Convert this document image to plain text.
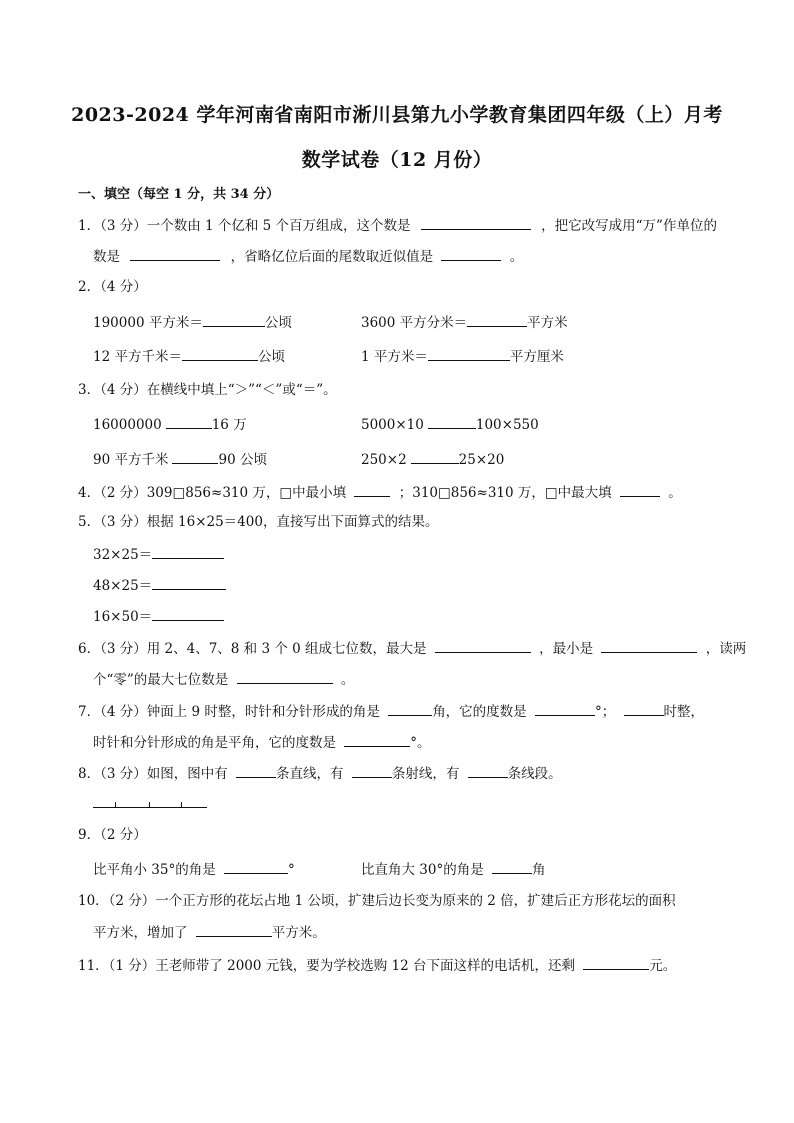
2023-2024 学年河南省南阳市淅川县第九小学教育集团四年级（上）月考
数学试卷（12 月份）
一、填空（每空 1 分，共 34 分）
1．（3 分）一个数由 1 个亿和 5 个百万组成，这个数是	，把它改写成用“万”作单位的
数是	，省略亿位后面的尾数取近似值是	。
2．（4 分）
190000 平方米＝	公顷	3600 平方分米＝	平方米
12 平方千米＝	公顷	1 平方米＝	平方厘米
3．（4 分）在横线中填上“＞”“＜”或“＝”。
16000000	16 万	5000×10	100×550
90 平方千米	90 公顷	250×2	25×20
4．（2 分）309□856≈310 万，□中最小填	；310□856≈310 万，□中最大填	。
5．（3 分）根据 16×25＝400，直接写出下面算式的结果。
32×25＝
48×25＝
16×50＝
6．（3 分）用 2、4、7、8 和 3 个 0 组成七位数，最大是	，最小是	，读两
个“零”的最大七位数是	。
7．（4 分）钟面上 9 时整，时针和分针形成的角是	角，它的度数是	°；	时整，
时针和分针形成的角是平角，它的度数是	°。
8．（3 分）如图，图中有	条直线，有	条射线，有	条线段。
9．（2 分）
比平角小 35°的角是	°	比直角大 30°的角是	角
10．（2 分）一个正方形的花坛占地 1 公顷，扩建后边长变为原来的 2 倍，扩建后正方形花坛的面积
平方米，增加了	平方米。
11．（1 分）王老师带了 2000 元钱，要为学校选购 12 台下面这样的电话机，还剩	元。
